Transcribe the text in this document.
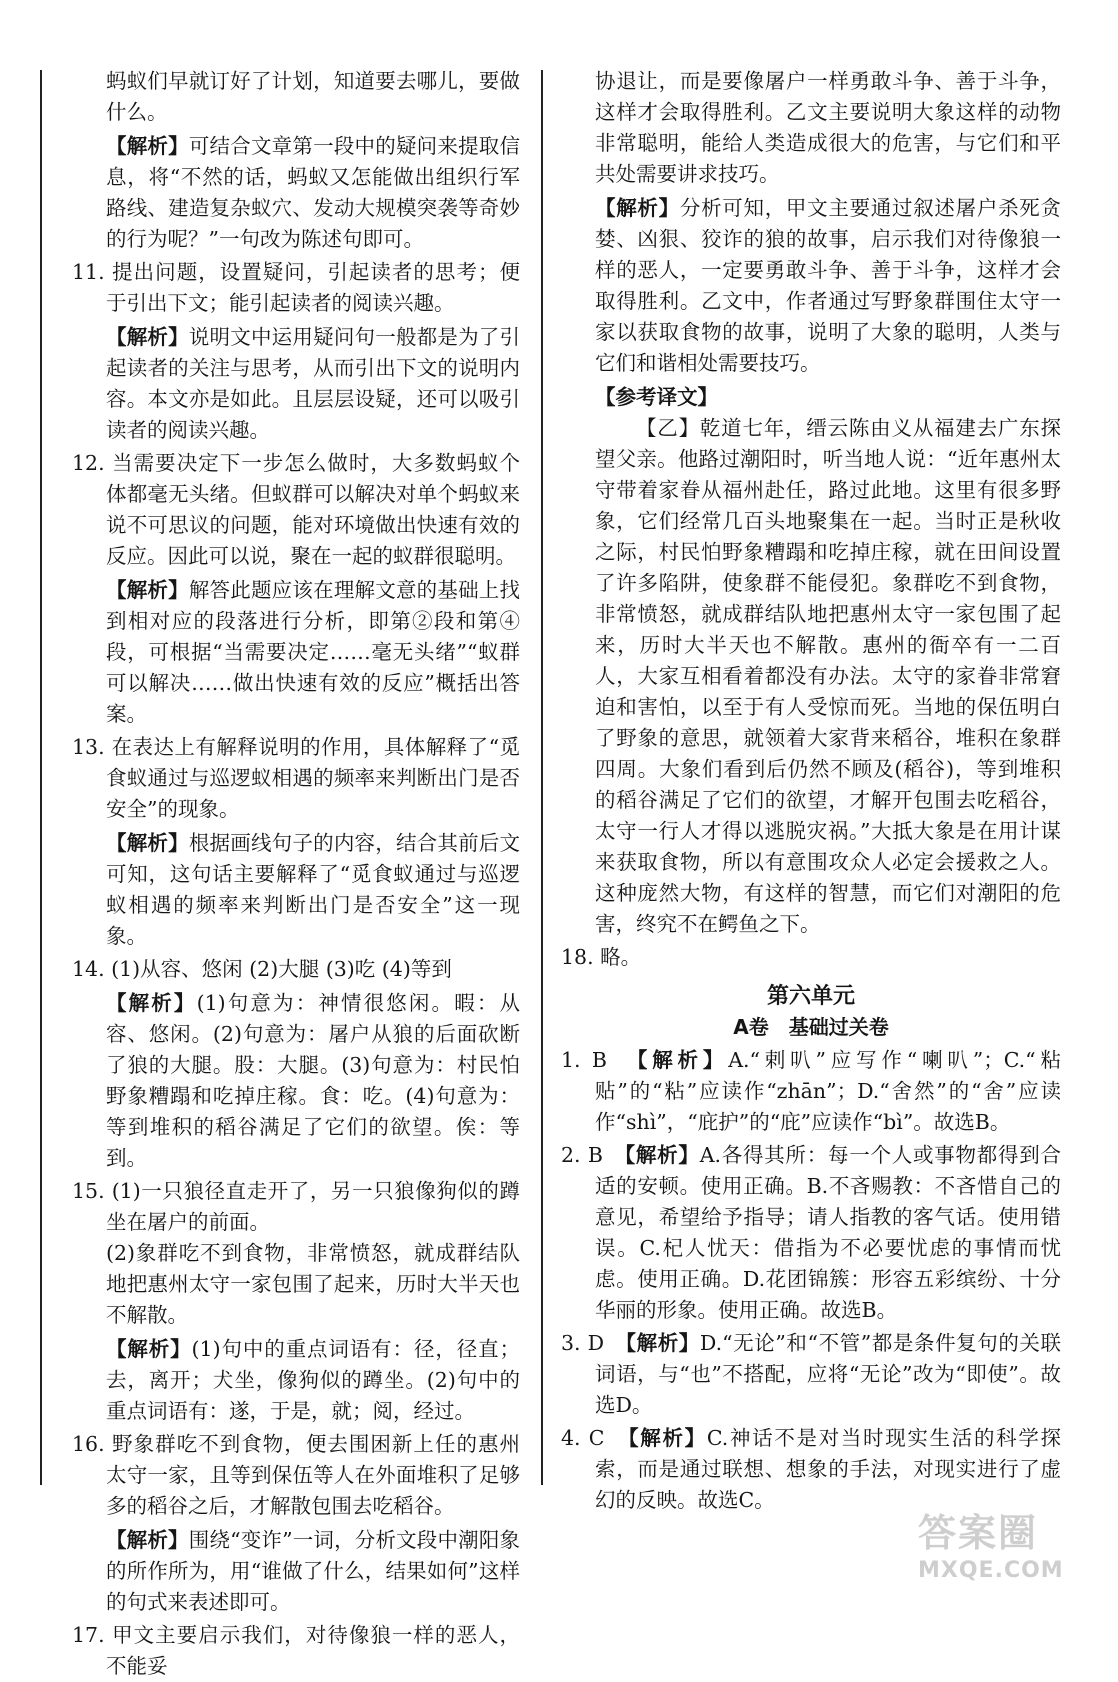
蚂蚁们早就订好了计划，知道要去哪儿，要做什么。

【解析】可结合文章第一段中的疑问来提取信息，将“不然的话，蚂蚁又怎能做出组织行军路线、建造复杂蚁穴、发动大规模突袭等奇妙的行为呢？”一句改为陈述句即可。

11. 提出问题，设置疑问，引起读者的思考；便于引出下文；能引起读者的阅读兴趣。

【解析】说明文中运用疑问句一般都是为了引起读者的关注与思考，从而引出下文的说明内容。本文亦是如此。且层层设疑，还可以吸引读者的阅读兴趣。

12. 当需要决定下一步怎么做时，大多数蚂蚁个体都毫无头绪。但蚁群可以解决对单个蚂蚁来说不可思议的问题，能对环境做出快速有效的反应。因此可以说，聚在一起的蚁群很聪明。

【解析】解答此题应该在理解文意的基础上找到相对应的段落进行分析，即第②段和第④段，可根据“当需要决定……毫无头绪”“蚁群可以解决……做出快速有效的反应”概括出答案。

13. 在表达上有解释说明的作用，具体解释了“觅食蚁通过与巡逻蚁相遇的频率来判断出门是否安全”的现象。

【解析】根据画线句子的内容，结合其前后文可知，这句话主要解释了“觅食蚁通过与巡逻蚁相遇的频率来判断出门是否安全”这一现象。

14. (1)从容、悠闲 (2)大腿 (3)吃 (4)等到

【解析】(1)句意为：神情很悠闲。暇：从容、悠闲。(2)句意为：屠户从狼的后面砍断了狼的大腿。股：大腿。(3)句意为：村民怕野象糟蹋和吃掉庄稼。食：吃。(4)句意为：等到堆积的稻谷满足了它们的欲望。俟：等到。

15. (1)一只狼径直走开了，另一只狼像狗似的蹲坐在屠户的前面。

(2)象群吃不到食物，非常愤怒，就成群结队地把惠州太守一家包围了起来，历时大半天也不解散。

【解析】(1)句中的重点词语有：径，径直；去，离开；犬坐，像狗似的蹲坐。(2)句中的重点词语有：遂，于是，就；阅，经过。

16. 野象群吃不到食物，便去围困新上任的惠州太守一家，且等到保伍等人在外面堆积了足够多的稻谷之后，才解散包围去吃稻谷。

【解析】围绕“变诈”一词，分析文段中潮阳象的所作所为，用“谁做了什么，结果如何”这样的句式来表述即可。

17. 甲文主要启示我们，对待像狼一样的恶人，不能妥

协退让，而是要像屠户一样勇敢斗争、善于斗争，这样才会取得胜利。乙文主要说明大象这样的动物非常聪明，能给人类造成很大的危害，与它们和平共处需要讲求技巧。

【解析】分析可知，甲文主要通过叙述屠户杀死贪婪、凶狠、狡诈的狼的故事，启示我们对待像狼一样的恶人，一定要勇敢斗争、善于斗争，这样才会取得胜利。乙文中，作者通过写野象群围住太守一家以获取食物的故事，说明了大象的聪明，人类与它们和谐相处需要技巧。

【参考译文】

【乙】乾道七年，缙云陈由义从福建去广东探望父亲。他路过潮阳时，听当地人说：“近年惠州太守带着家眷从福州赴任，路过此地。这里有很多野象，它们经常几百头地聚集在一起。当时正是秋收之际，村民怕野象糟蹋和吃掉庄稼，就在田间设置了许多陷阱，使象群不能侵犯。象群吃不到食物，非常愤怒，就成群结队地把惠州太守一家包围了起来，历时大半天也不解散。惠州的衙卒有一二百人，大家互相看着都没有办法。太守的家眷非常窘迫和害怕，以至于有人受惊而死。当地的保伍明白了野象的意思，就领着大家背来稻谷，堆积在象群四周。大象们看到后仍然不顾及(稻谷)，等到堆积的稻谷满足了它们的欲望，才解开包围去吃稻谷，太守一行人才得以逃脱灾祸。”大抵大象是在用计谋来获取食物，所以有意围攻众人必定会援救之人。这种庞然大物，有这样的智慧，而它们对潮阳的危害，终究不在鳄鱼之下。

18. 略。

第六单元
A卷　基础过关卷

1. B　 【解析】A.“剌叭”应写作“喇叭”；C.“粘贴”的“粘”应读作“zhān”；D.“舍然”的“舍”应读作“shì”，“庇护”的“庇”应读作“bì”。故选B。

2. B　 【解析】A.各得其所：每一个人或事物都得到合适的安顿。使用正确。B.不吝赐教：不吝惜自己的意见，希望给予指导；请人指教的客气话。使用错误。C.杞人忧天：借指为不必要忧虑的事情而忧虑。使用正确。D.花团锦簇：形容五彩缤纷、十分华丽的形象。使用正确。故选B。

3. D　 【解析】D.“无论”和“不管”都是条件复句的关联词语，与“也”不搭配，应将“无论”改为“即使”。故选D。

4. C　 【解析】C.神话不是对当时现实生活的科学探索，而是通过联想、想象的手法，对现实进行了虚幻的反映。故选C。

答案圈
MXQE.COM
